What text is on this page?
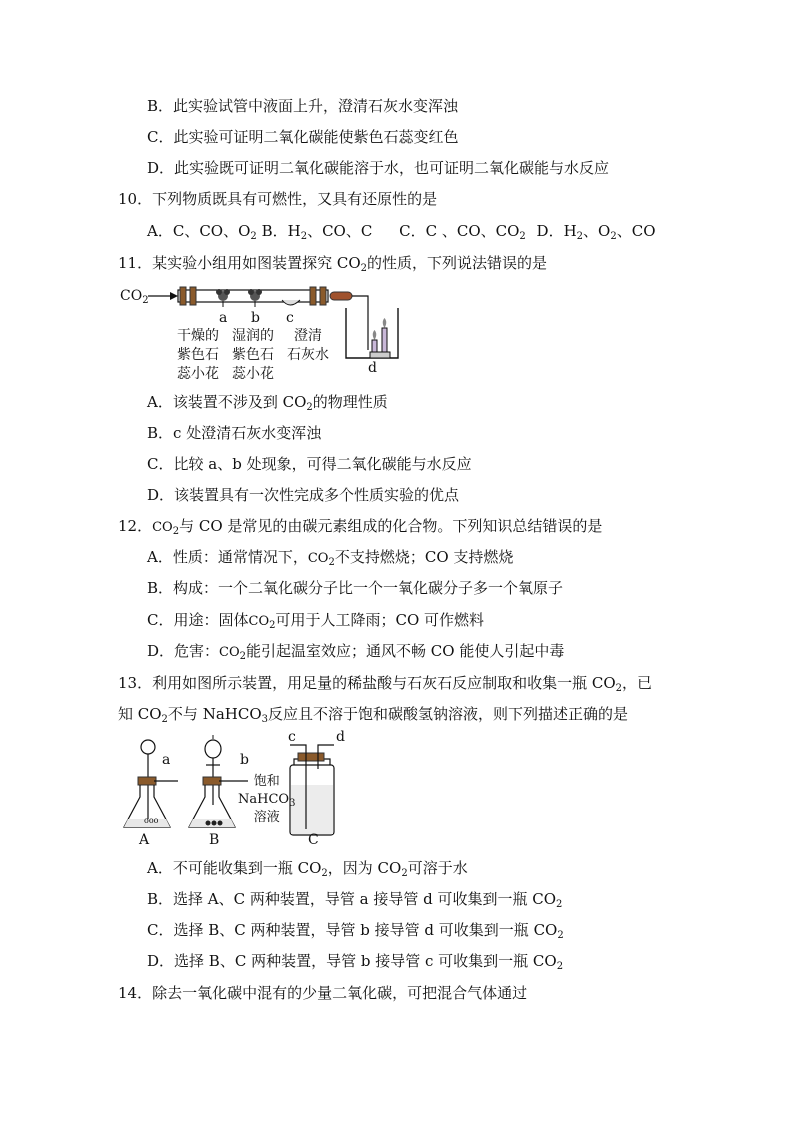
B．此实验试管中液面上升，澄清石灰水变浑浊
C．此实验可证明二氧化碳能使紫色石蕊变红色
D．此实验既可证明二氧化碳能溶于水，也可证明二氧化碳能与水反应
10．下列物质既具有可燃性，又具有还原性的是
A．C、CO、$O_2$ B．$H_2$、CO、C C．C 、CO、$CO_2$ D．$H_2$、$O_2$、CO
11．某实验小组用如图装置探究 $CO_2$的性质，下列说法错误的是
$CO_2$
a b c
d
干燥的
紫色石
蕊小花
湿润的
紫色石
蕊小花
澄清
石灰水
A．该装置不涉及到 $CO_2$的物理性质
B．c 处澄清石灰水变浑浊
C．比较 a、b 处现象，可得二氧化碳能与水反应
D．该装置具有一次性完成多个性质实验的优点
12．$CO_2$与 CO 是常见的由碳元素组成的化合物。下列知识总结错误的是
A．性质：通常情况下，$CO_2$不支持燃烧；CO 支持燃烧
B．构成：一个二氧化碳分子比一个一氧化碳分子多一个氧原子
C．用途：固体$CO_2$可用于人工降雨；CO 可作燃料
D．危害：$CO_2$能引起温室效应；通风不畅 CO 能使人引起中毒
13．利用如图所示装置，用足量的稀盐酸与石灰石反应制取和收集一瓶 $CO_2$，已
知 $CO_2$不与 NaHCO$_3$反应且不溶于饱和碳酸氢钠溶液，则下列描述正确的是
ooo
a	b
c	d
A	B	C
饱和
NaHCO$_3$
溶液
A．不可能收集到一瓶 $CO_2$，因为 $CO_2$可溶于水
B．选择 A、C 两种装置，导管 a 接导管 d 可收集到一瓶 $CO_2$
C．选择 B、C 两种装置，导管 b 接导管 d 可收集到一瓶 $CO_2$
D．选择 B、C 两种装置，导管 b 接导管 c 可收集到一瓶 $CO_2$
14．除去一氧化碳中混有的少量二氧化碳，可把混合气体通过
